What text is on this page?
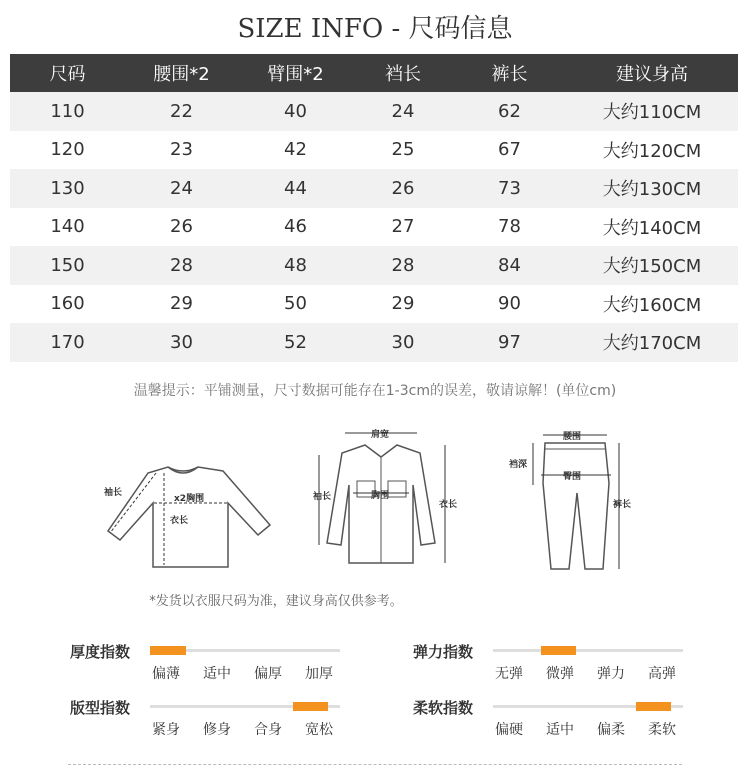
SIZE INFO - 尺码信息
尺码	腰围*2	臂围*2	裆长	裤长	建议身高
110	22	40	24	62	大约110CM
120	23	42	25	67	大约120CM
130	24	44	26	73	大约130CM
140	26	46	27	78	大约140CM
150	28	48	28	84	大约150CM
160	29	50	29	90	大约160CM
170	30	52	30	97	大约170CM
温馨提示：平铺测量，尺寸数据可能存在1-3cm的误差，敬请谅解！(单位cm)
袖长
x2胸围
衣长
肩宽
胸围
袖长
衣长
腰围
臀围
裆深
裤长
*发货以衣服尺码为准，建议身高仅供参考。
厚度指数
偏薄 适中 偏厚 加厚
弹力指数
无弹 微弹 弹力 高弹
版型指数
紧身 修身 合身 宽松
柔软指数
偏硬 适中 偏柔 柔软
